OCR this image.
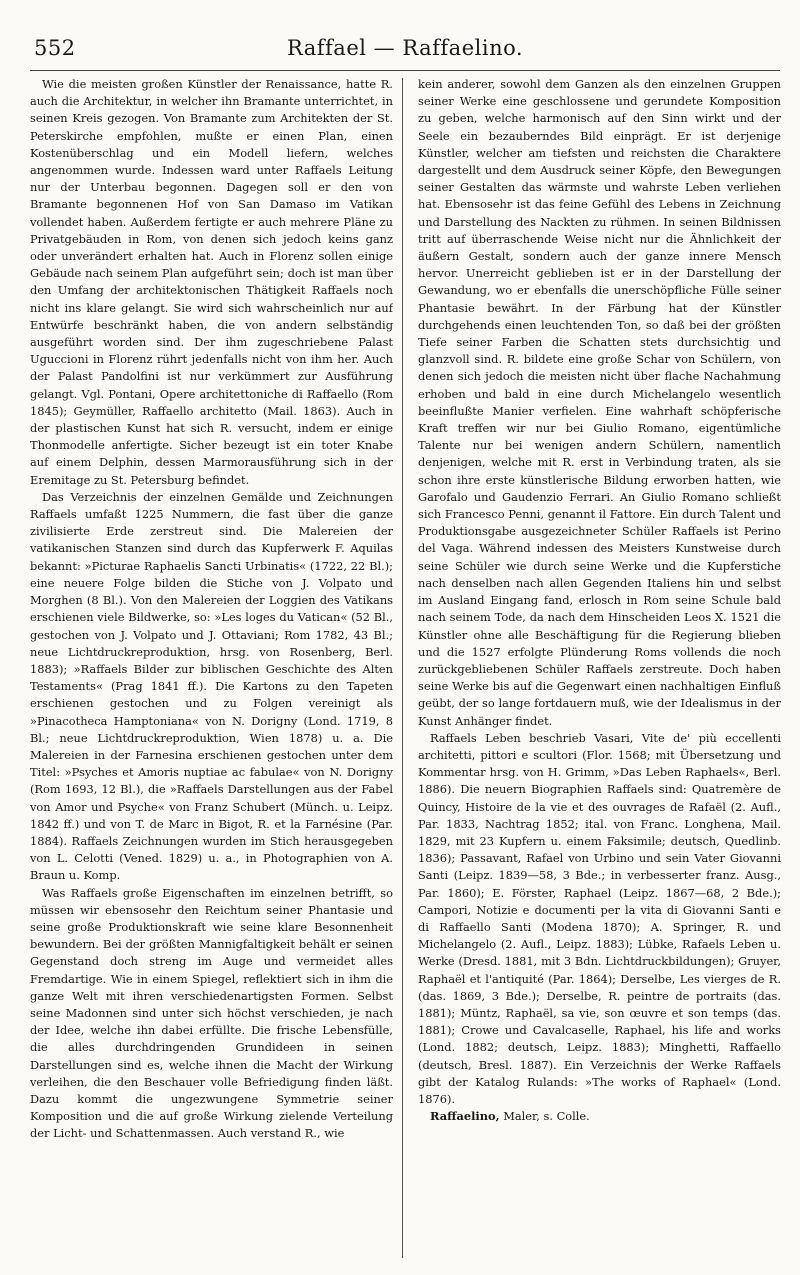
Raffael — Raffaelino.
552

Wie die meisten großen Künstler der Renaissance, hatte R. auch die Architektur, in welcher ihn Bramante unterrichtet, in seinen Kreis gezogen. Von Bramante zum Architekten der St. Peterskirche empfohlen, mußte er einen Plan, einen Kostenüberschlag und ein Modell liefern, welches angenommen wurde. Indessen ward unter Raffaels Leitung nur der Unterbau begonnen. Dagegen soll er den von Bramante begonnenen Hof von San Damaso im Vatikan vollendet haben. Außerdem fertigte er auch mehrere Pläne zu Privatgebäuden in Rom, von denen sich jedoch keins ganz oder unverändert erhalten hat. Auch in Florenz sollen einige Gebäude nach seinem Plan aufgeführt sein; doch ist man über den Umfang der architektonischen Thätigkeit Raffaels noch nicht ins klare gelangt. Sie wird sich wahrscheinlich nur auf Entwürfe beschränkt haben, die von andern selbständig ausgeführt worden sind. Der ihm zugeschriebene Palast Uguccioni in Florenz rührt jedenfalls nicht von ihm her. Auch der Palast Pandolfini ist nur verkümmert zur Ausführung gelangt. Vgl. Pontani, Opere architettoniche di Raffaello (Rom 1845); Geymüller, Raffaello architetto (Mail. 1863). Auch in der plastischen Kunst hat sich R. versucht, indem er einige Thonmodelle anfertigte. Sicher bezeugt ist ein toter Knabe auf einem Delphin, dessen Marmorausführung sich in der Eremitage zu St. Petersburg befindet.

Das Verzeichnis der einzelnen Gemälde und Zeichnungen Raffaels umfaßt 1225 Nummern, die fast über die ganze zivilisierte Erde zerstreut sind. Die Malereien der vatikanischen Stanzen sind durch das Kupferwerk F. Aquilas bekannt: »Picturae Raphaelis Sancti Urbinatis« (1722, 22 Bl.); eine neuere Folge bilden die Stiche von J. Volpato und Morghen (8 Bl.). Von den Malereien der Loggien des Vatikans erschienen viele Bildwerke, so: »Les loges du Vatican« (52 Bl., gestochen von J. Volpato und J. Ottaviani; Rom 1782, 43 Bl.; neue Lichtdruckreproduktion, hrsg. von Rosenberg, Berl. 1883); »Raffaels Bilder zur biblischen Geschichte des Alten Testaments« (Prag 1841 ff.). Die Kartons zu den Tapeten erschienen gestochen und zu Folgen vereinigt als »Pinacotheca Hamptoniana« von N. Dorigny (Lond. 1719, 8 Bl.; neue Lichtdruckreproduktion, Wien 1878) u. a. Die Malereien in der Farnesina erschienen gestochen unter dem Titel: »Psyches et Amoris nuptiae ac fabulae« von N. Dorigny (Rom 1693, 12 Bl.), die »Raffaels Darstellungen aus der Fabel von Amor und Psyche« von Franz Schubert (Münch. u. Leipz. 1842 ff.) und von T. de Marc in Bigot, R. et la Farnésine (Par. 1884). Raffaels Zeichnungen wurden im Stich herausgegeben von L. Celotti (Vened. 1829) u. a., in Photographien von A. Braun u. Komp.

Was Raffaels große Eigenschaften im einzelnen betrifft, so müssen wir ebensosehr den Reichtum seiner Phantasie und seine große Produktionskraft wie seine klare Besonnenheit bewundern. Bei der größten Mannigfaltigkeit behält er seinen Gegenstand doch streng im Auge und vermeidet alles Fremdartige. Wie in einem Spiegel, reflektiert sich in ihm die ganze Welt mit ihren verschiedenartigsten Formen. Selbst seine Madonnen sind unter sich höchst verschieden, je nach der Idee, welche ihn dabei erfüllte. Die frische Lebensfülle, die alles durchdringenden Grundideen in seinen Darstellungen sind es, welche ihnen die Macht der Wirkung verleihen, die den Beschauer volle Befriedigung finden läßt. Dazu kommt die ungezwungene Symmetrie seiner Komposition und die auf große Wirkung zielende Verteilung der Licht- und Schattenmassen. Auch verstand R., wie

kein anderer, sowohl dem Ganzen als den einzelnen Gruppen seiner Werke eine geschlossene und gerundete Komposition zu geben, welche harmonisch auf den Sinn wirkt und der Seele ein bezauberndes Bild einprägt. Er ist derjenige Künstler, welcher am tiefsten und reichsten die Charaktere dargestellt und dem Ausdruck seiner Köpfe, den Bewegungen seiner Gestalten das wärmste und wahrste Leben verliehen hat. Ebensosehr ist das feine Gefühl des Lebens in Zeichnung und Darstellung des Nackten zu rühmen. In seinen Bildnissen tritt auf überraschende Weise nicht nur die Ähnlichkeit der äußern Gestalt, sondern auch der ganze innere Mensch hervor. Unerreicht geblieben ist er in der Darstellung der Gewandung, wo er ebenfalls die unerschöpfliche Fülle seiner Phantasie bewährt. In der Färbung hat der Künstler durchgehends einen leuchtenden Ton, so daß bei der größten Tiefe seiner Farben die Schatten stets durchsichtig und glanzvoll sind. R. bildete eine große Schar von Schülern, von denen sich jedoch die meisten nicht über flache Nachahmung erhoben und bald in eine durch Michelangelo wesentlich beeinflußte Manier verfielen. Eine wahrhaft schöpferische Kraft treffen wir nur bei Giulio Romano, eigentümliche Talente nur bei wenigen andern Schülern, namentlich denjenigen, welche mit R. erst in Verbindung traten, als sie schon ihre erste künstlerische Bildung erworben hatten, wie Garofalo und Gaudenzio Ferrari. An Giulio Romano schließt sich Francesco Penni, genannt il Fattore. Ein durch Talent und Produktionsgabe ausgezeichneter Schüler Raffaels ist Perino del Vaga. Während indessen des Meisters Kunstweise durch seine Schüler wie durch seine Werke und die Kupferstiche nach denselben nach allen Gegenden Italiens hin und selbst im Ausland Eingang fand, erlosch in Rom seine Schule bald nach seinem Tode, da nach dem Hinscheiden Leos X. 1521 die Künstler ohne alle Beschäftigung für die Regierung blieben und die 1527 erfolgte Plünderung Roms vollends die noch zurückgebliebenen Schüler Raffaels zerstreute. Doch haben seine Werke bis auf die Gegenwart einen nachhaltigen Einfluß geübt, der so lange fortdauern muß, wie der Idealismus in der Kunst Anhänger findet.

Raffaels Leben beschrieb Vasari, Vite de' più eccellenti architetti, pittori e scultori (Flor. 1568; mit Übersetzung und Kommentar hrsg. von H. Grimm, »Das Leben Raphaels«, Berl. 1886). Die neuern Biographien Raffaels sind: Quatremère de Quincy, Histoire de la vie et des ouvrages de Rafaël (2. Aufl., Par. 1833, Nachtrag 1852; ital. von Franc. Longhena, Mail. 1829, mit 23 Kupfern u. einem Faksimile; deutsch, Quedlinb. 1836); Passavant, Rafael von Urbino und sein Vater Giovanni Santi (Leipz. 1839—58, 3 Bde.; in verbesserter franz. Ausg., Par. 1860); E. Förster, Raphael (Leipz. 1867—68, 2 Bde.); Campori, Notizie e documenti per la vita di Giovanni Santi e di Raffaello Santi (Modena 1870); A. Springer, R. und Michelangelo (2. Aufl., Leipz. 1883); Lübke, Rafaels Leben u. Werke (Dresd. 1881, mit 3 Bdn. Lichtdruckbildungen); Gruyer, Raphaël et l'antiquité (Par. 1864); Derselbe, Les vierges de R. (das. 1869, 3 Bde.); Derselbe, R. peintre de portraits (das. 1881); Müntz, Raphaël, sa vie, son œuvre et son temps (das. 1881); Crowe und Cavalcaselle, Raphael, his life and works (Lond. 1882; deutsch, Leipz. 1883); Minghetti, Raffaello (deutsch, Bresl. 1887). Ein Verzeichnis der Werke Raffaels gibt der Katalog Rulands: »The works of Raphael« (Lond. 1876).

Raffaelino, Maler, s. Colle.
